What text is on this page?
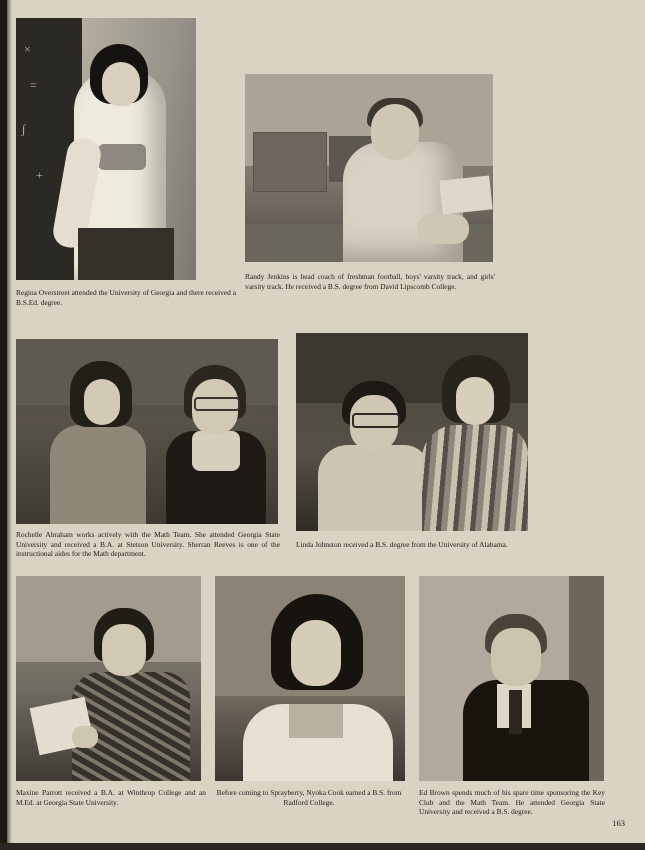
×
=
∫
+
Regina Overstreet attended the University of Georgia and there received a B.S.Ed. degree.
Randy Jenkins is head coach of freshman football, boys' varsity track, and girls' varsity track. He received a B.S. degree from David Lipscomb College.
Rochelle Abraham works actively with the Math Team. She attended Georgia State University and received a B.A. at Stetson University. Sherran Reeves is one of the instructional aides for the Math department.
Linda Johnston received a B.S. degree from the University of Alabama.
Maxine Parrott received a B.A. at Winthrop College and an M.Ed. at Georgia State University.
Before coming to Sprayberry, Nyoka Cook earned a B.S. from Radford College.
Ed Brown spends much of his spare time sponsoring the Key Club and the Math Team. He attended Georgia State University and received a B.S. degree.
163
